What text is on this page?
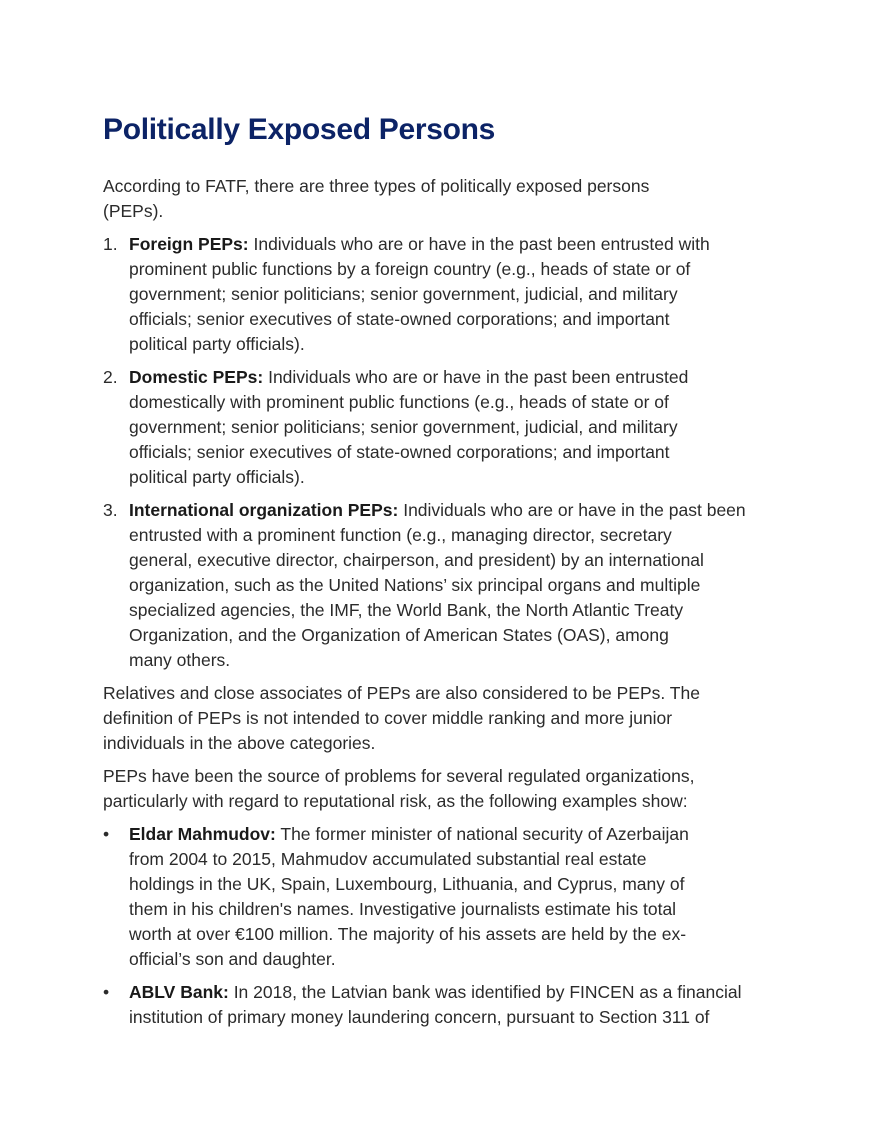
Politically Exposed Persons

According to FATF, there are three types of politically exposed persons
(PEPs).

1. Foreign PEPs: Individuals who are or have in the past been entrusted with
prominent public functions by a foreign country (e.g., heads of state or of
government; senior politicians; senior government, judicial, and military
officials; senior executives of state-owned corporations; and important
political party officials).
2. Domestic PEPs: Individuals who are or have in the past been entrusted
domestically with prominent public functions (e.g., heads of state or of
government; senior politicians; senior government, judicial, and military
officials; senior executives of state-owned corporations; and important
political party officials).
3. International organization PEPs: Individuals who are or have in the past been
entrusted with a prominent function (e.g., managing director, secretary
general, executive director, chairperson, and president) by an international
organization, such as the United Nations’ six principal organs and multiple
specialized agencies, the IMF, the World Bank, the North Atlantic Treaty
Organization, and the Organization of American States (OAS), among
many others.

Relatives and close associates of PEPs are also considered to be PEPs. The
definition of PEPs is not intended to cover middle ranking and more junior
individuals in the above categories.

PEPs have been the source of problems for several regulated organizations,
particularly with regard to reputational risk, as the following examples show:

• Eldar Mahmudov: The former minister of national security of Azerbaijan
from 2004 to 2015, Mahmudov accumulated substantial real estate
holdings in the UK, Spain, Luxembourg, Lithuania, and Cyprus, many of
them in his children's names. Investigative journalists estimate his total
worth at over €100 million. The majority of his assets are held by the ex-
official’s son and daughter.
• ABLV Bank: In 2018, the Latvian bank was identified by FINCEN as a financial
institution of primary money laundering concern, pursuant to Section 311 of
